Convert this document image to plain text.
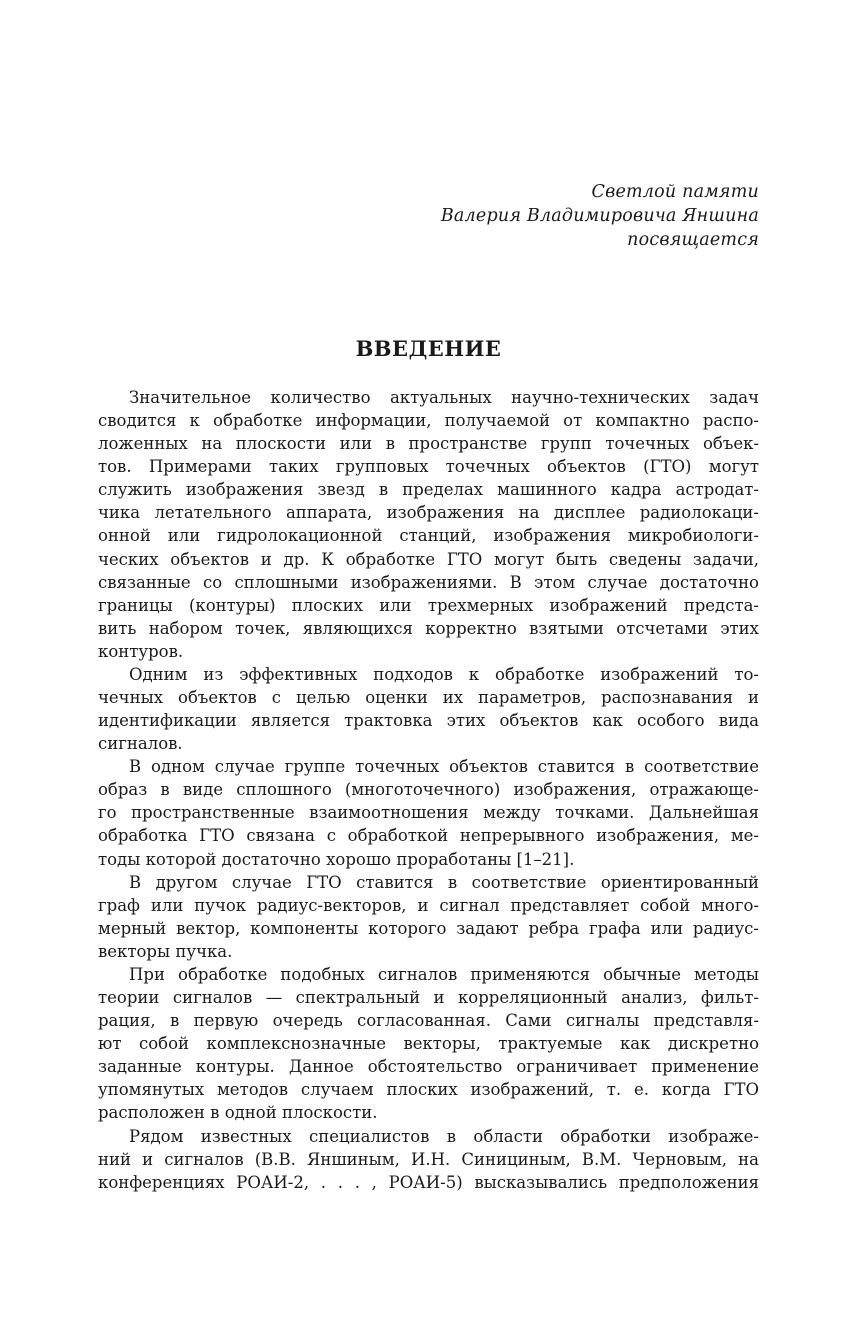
Светлой памяти
Валерия Владимировича Яншина
посвящается
ВВЕДЕНИЕ
Значительное количество актуальных научно-технических задач
сводится к обработке информации, получаемой от компактно распо-
ложенных на плоскости или в пространстве групп точечных объек-
тов. Примерами таких групповых точечных объектов (ГТО) могут
служить изображения звезд в пределах машинного кадра астродат-
чика летательного аппарата, изображения на дисплее радиолокаци-
онной или гидролокационной станций, изображения микробиологи-
ческих объектов и др. К обработке ГТО могут быть сведены задачи,
связанные со сплошными изображениями. В этом случае достаточно
границы (контуры) плоских или трехмерных изображений предста-
вить набором точек, являющихся корректно взятыми отсчетами этих
контуров.
Одним из эффективных подходов к обработке изображений то-
чечных объектов с целью оценки их параметров, распознавания и
идентификации является трактовка этих объектов как особого вида
сигналов.
В одном случае группе точечных объектов ставится в соответствие
образ в виде сплошного (многоточечного) изображения, отражающе-
го пространственные взаимоотношения между точками. Дальнейшая
обработка ГТО связана с обработкой непрерывного изображения, ме-
тоды которой достаточно хорошо проработаны [1–21].
В другом случае ГТО ставится в соответствие ориентированный
граф или пучок радиус-векторов, и сигнал представляет собой много-
мерный вектор, компоненты которого задают ребра графа или радиус-
векторы пучка.
При обработке подобных сигналов применяются обычные методы
теории сигналов — спектральный и корреляционный анализ, фильт-
рация, в первую очередь согласованная. Сами сигналы представля-
ют собой комплекснозначные векторы, трактуемые как дискретно
заданные контуры. Данное обстоятельство ограничивает применение
упомянутых методов случаем плоских изображений, т. е. когда ГТО
расположен в одной плоскости.
Рядом известных специалистов в области обработки изображе-
ний и сигналов (В.В. Яншиным, И.Н. Синициным, В.М. Черновым, на
конференциях РОАИ-2, . . . , РОАИ-5) высказывались предположения
